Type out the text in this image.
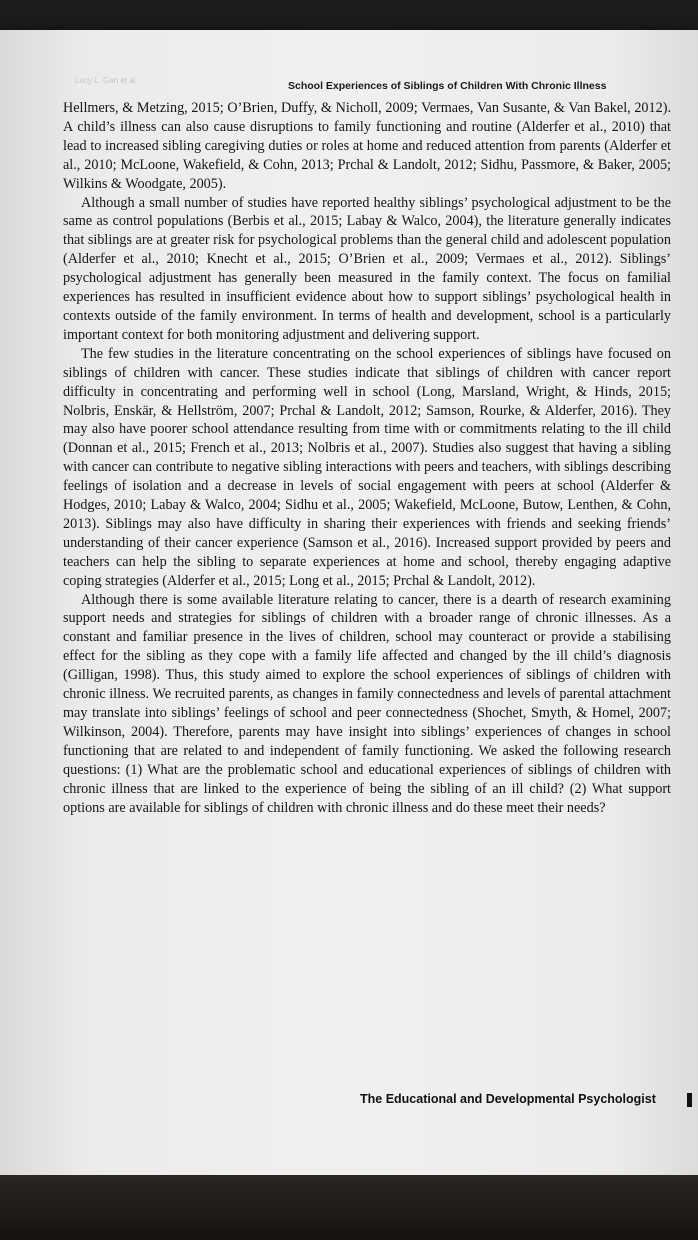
Lucy L. Gan et al.	School Experiences of Siblings of Children With Chronic Illness

Hellmers, & Metzing, 2015; O’Brien, Duffy, & Nicholl, 2009; Vermaes, Van Susante, & Van Bakel, 2012). A child’s illness can also cause disruptions to family functioning and routine (Alderfer et al., 2010) that lead to increased sibling caregiving duties or roles at home and reduced attention from parents (Alderfer et al., 2010; McLoone, Wakefield, & Cohn, 2013; Prchal & Landolt, 2012; Sidhu, Passmore, & Baker, 2005; Wilkins & Woodgate, 2005).

Although a small number of studies have reported healthy siblings’ psychological adjustment to be the same as control populations (Berbis et al., 2015; Labay & Walco, 2004), the literature generally indicates that siblings are at greater risk for psychological problems than the general child and adolescent population (Alderfer et al., 2010; Knecht et al., 2015; O’Brien et al., 2009; Vermaes et al., 2012). Siblings’ psychological adjustment has generally been measured in the family context. The focus on familial experiences has resulted in insufficient evidence about how to support siblings’ psychological health in contexts outside of the family environment. In terms of health and development, school is a particularly important context for both monitoring adjustment and delivering support.

The few studies in the literature concentrating on the school experiences of siblings have focused on siblings of children with cancer. These studies indicate that siblings of children with cancer report difficulty in concentrating and performing well in school (Long, Marsland, Wright, & Hinds, 2015; Nolbris, Enskär, & Hellström, 2007; Prchal & Landolt, 2012; Samson, Rourke, & Alderfer, 2016). They may also have poorer school attendance resulting from time with or commitments relating to the ill child (Donnan et al., 2015; French et al., 2013; Nolbris et al., 2007). Studies also suggest that having a sibling with cancer can contribute to negative sibling interactions with peers and teachers, with siblings describing feelings of isolation and a decrease in levels of social engagement with peers at school (Alderfer & Hodges, 2010; Labay & Walco, 2004; Sidhu et al., 2005; Wakefield, McLoone, Butow, Lenthen, & Cohn, 2013). Siblings may also have difficulty in sharing their experiences with friends and seeking friends’ understanding of their cancer experience (Samson et al., 2016). Increased support provided by peers and teachers can help the sibling to separate experiences at home and school, thereby engaging adaptive coping strategies (Alderfer et al., 2015; Long et al., 2015; Prchal & Landolt, 2012).

Although there is some available literature relating to cancer, there is a dearth of research examining support needs and strategies for siblings of children with a broader range of chronic illnesses. As a constant and familiar presence in the lives of children, school may counteract or provide a stabilising effect for the sibling as they cope with a family life affected and changed by the ill child’s diagnosis (Gilligan, 1998). Thus, this study aimed to explore the school experiences of siblings of children with chronic illness. We recruited parents, as changes in family connectedness and levels of parental attachment may translate into siblings’ feelings of school and peer connectedness (Shochet, Smyth, & Homel, 2007; Wilkinson, 2004). Therefore, parents may have insight into siblings’ experiences of changes in school functioning that are related to and independent of family functioning. We asked the following research questions: (1) What are the problematic school and educational experiences of siblings of children with chronic illness that are linked to the experience of being the sibling of an ill child? (2) What support options are available for siblings of children with chronic illness and do these meet their needs?

The Educational and Developmental Psychologist
